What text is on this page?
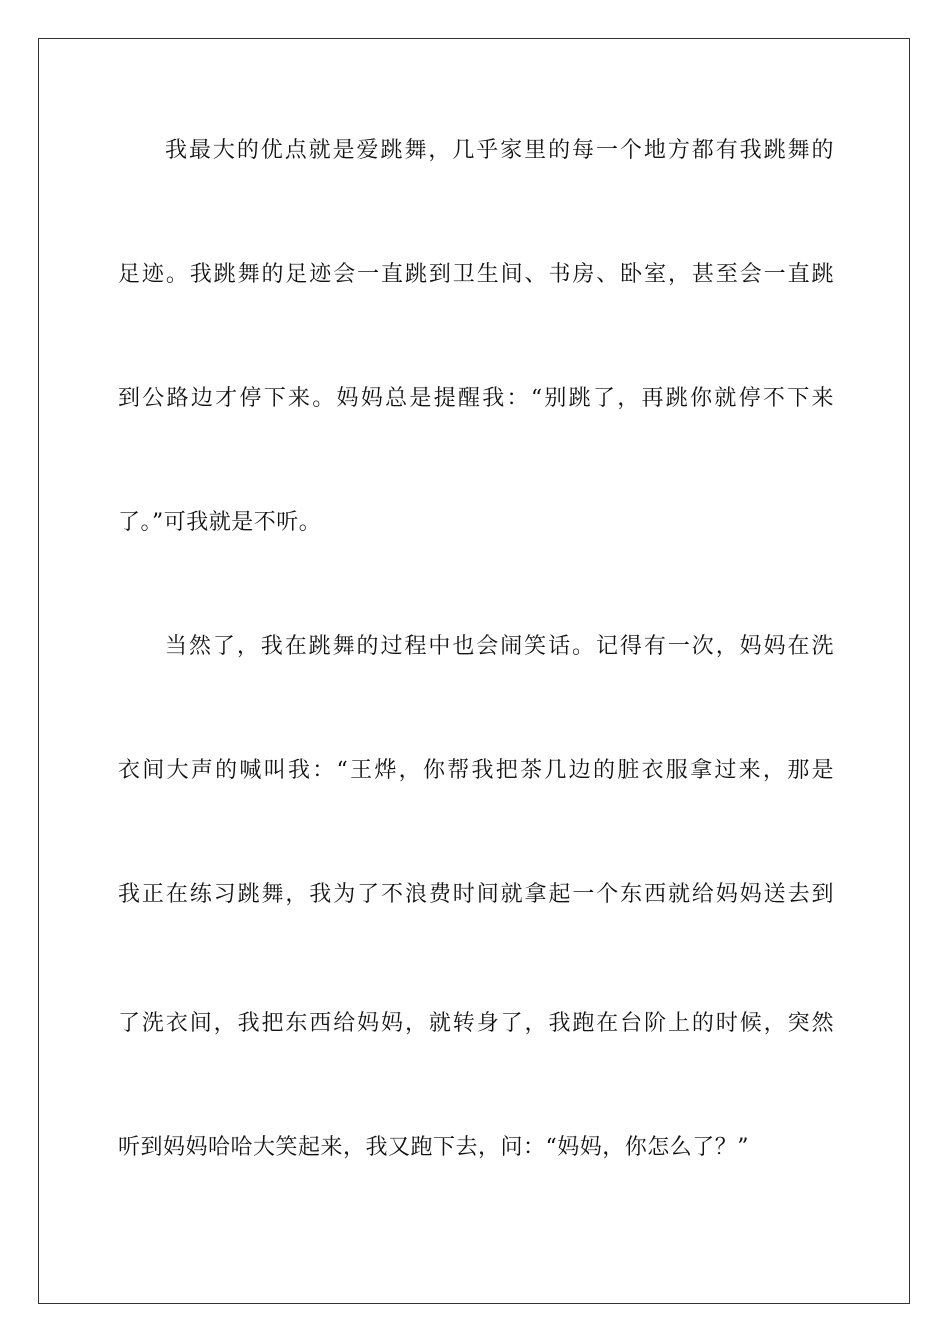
我最大的优点就是爱跳舞，几乎家里的每一个地方都有我跳舞的
足迹。我跳舞的足迹会一直跳到卫生间、书房、卧室，甚至会一直跳
到公路边才停下来。妈妈总是提醒我：“别跳了，再跳你就停不下来
了。”可我就是不听。
当然了，我在跳舞的过程中也会闹笑话。记得有一次，妈妈在洗
衣间大声的喊叫我：“王烨，你帮我把茶几边的脏衣服拿过来，那是
我正在练习跳舞，我为了不浪费时间就拿起一个东西就给妈妈送去到
了洗衣间，我把东西给妈妈，就转身了，我跑在台阶上的时候，突然
听到妈妈哈哈大笑起来，我又跑下去，问：“妈妈，你怎么了？”
